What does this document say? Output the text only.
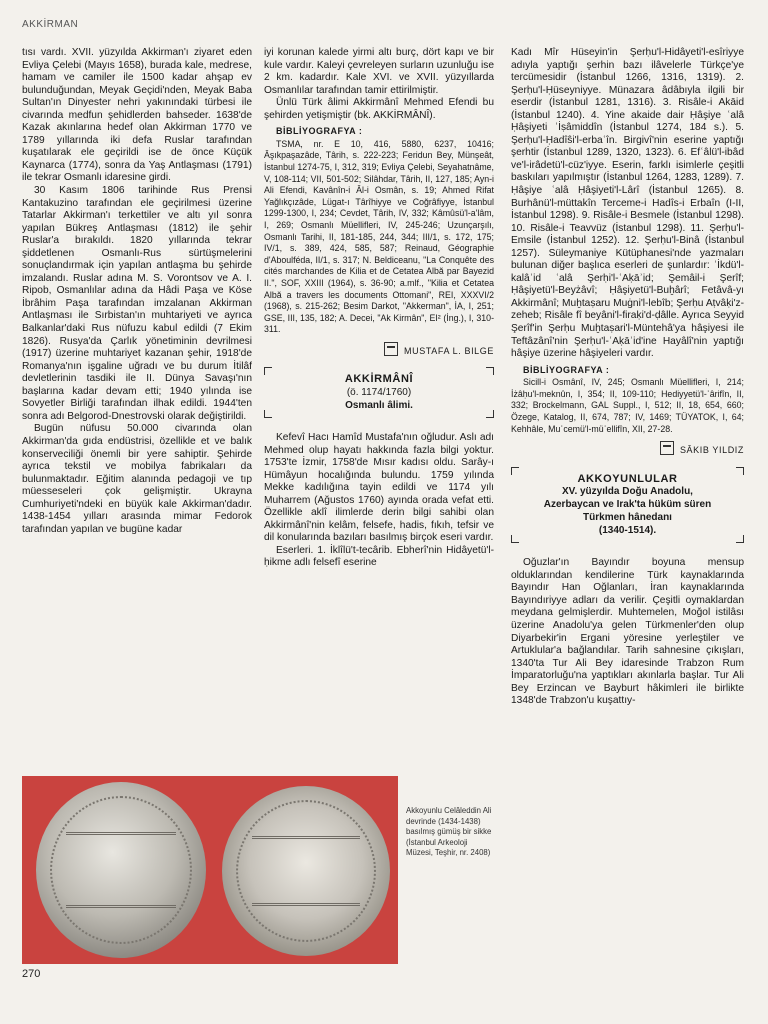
AKKİRMAN

tısı vardı. XVII. yüzyılda Akkirman'ı ziyaret eden Evliya Çelebi (Mayıs 1658), burada kale, medrese, hamam ve camiler ile 1500 kadar ahşap ev bulunduğundan, Meyak Geçidi'nden, Meyak Baba Sultan'ın Dinyester nehri yakınındaki türbesi ile civarında medfun şehidlerden bahseder. 1638'de Kazak akınlarına hedef olan Akkirman 1770 ve 1789 yıllarında iki defa Ruslar tarafından kuşatılarak ele geçirildi ise de önce Küçük Kaynarca (1774), sonra da Yaş Antlaşması (1791) ile tekrar Osmanlı idaresine girdi.

30 Kasım 1806 tarihinde Rus Prensi Kantakuzino tarafından ele geçirilmesi üzerine Tatarlar Akkirman'ı terkettiler ve altı yıl sonra yapılan Bükreş Antlaşması (1812) ile şehir Ruslar'a bırakıldı. 1820 yıllarında tekrar şiddetlenen Osmanlı-Rus sürtüşmelerini sonuçlandırmak için yapılan antlaşma bu şehirde imzalandı. Ruslar adına M. S. Vorontsov ve A. I. Ripob, Osmanlılar adına da Hâdi Paşa ve Köse İbrâhim Paşa tarafından imzalanan Akkirman Antlaşması ile Sırbistan'ın muhtariyeti ve ayrıca Balkanlar'daki Rus nüfuzu kabul edildi (7 Ekim 1826). Rusya'da Çarlık yönetiminin devrilmesi (1917) üzerine muhtariyet kazanan şehir, 1918'de Romanya'nın işgaline uğradı ve bu durum İtilâf devletlerinin tasdiki ile II. Dünya Savaşı'nın başlarına kadar devam etti; 1940 yılında ise Sovyetler Birliği tarafından ilhak edildi. 1944'ten sonra adı Belgorod-Dnestrovski olarak değiştirildi.

Bugün nüfusu 50.000 civarında olan Akkirman'da gıda endüstrisi, özellikle et ve balık konserveciliği önemli bir yere sahiptir. Şehirde ayrıca tekstil ve mobilya fabrikaları da bulunmaktadır. Eğitim alanında pedagoji ve tıp müesseseleri çok gelişmiştir. Ukrayna Cumhuriyeti'ndeki en büyük kale Akkirman'dadır. 1438-1454 yılları arasında mimar Fedorok tarafından yapılan ve bugüne kadar

iyi korunan kalede yirmi altı burç, dört kapı ve bir kule vardır. Kaleyi çevreleyen surların uzunluğu ise 2 km. kadardır. Kale XVI. ve XVII. yüzyıllarda Osmanlılar tarafından tamir ettirilmiştir.

Ünlü Türk âlimi Akkirmânî Mehmed Efendi bu şehirden yetişmiştir (bk. AKKİRMÂNÎ).

BİBLİYOGRAFYA :
TSMA, nr. E 10, 416, 5880, 6237, 10416; Âşıkpaşazâde, Târih, s. 222-223; Feridun Bey, Münşeât, İstanbul 1274-75, I, 312, 319; Evliya Çelebi, Seyahatnâme, V, 108-114; VII, 501-502; Silâhdar, Târih, II, 127, 185; Ayn-i Ali Efendi, Kavânîn-i Âl-i Osmân, s. 19; Ahmed Rifat Yağlıkçızâde, Lügat-ı Târîhiyye ve Coğrâfiyye, İstanbul 1299-1300, I, 234; Cevdet, Târih, IV, 332; Kâmûsü'l-a'lâm, I, 269; Osmanlı Müellifleri, IV, 245-246; Uzunçarşılı, Osmanlı Tarihi, II, 181-185, 244, 344; III/1, s. 172, 175; IV/1, s. 389, 424, 585, 587; Reinaud, Géographie d'Aboulféda, II/1, s. 317; N. Beldiceanu, "La Conquête des cités marchandes de Kilia et de Cetatea Albă par Bayezid II.", SOF, XXIII (1964), s. 36-90; a.mlf., "Kilia et Cetatea Albă a travers les documents Ottomani", REI, XXXVI/2 (1968), s. 215-262; Besim Darkot, "Akkerman", İA, I, 251; GSE, III, 135, 182; A. Decei, "Ak Kirmân", EI² (İng.), I, 310-311.
MUSTAFA L. BILGE
AKKİRMÂNÎ
(ö. 1174/1760)
Osmanlı âlimi.

Kefevî Hacı Hamîd Mustafa'nın oğludur. Aslı adı Mehmed olup hayatı hakkında fazla bilgi yoktur. 1753'te İzmir, 1758'de Mısır kadısı oldu. Sarây-ı Hümâyun hocalığında bulundu. 1759 yılında Mekke kadılığına tayin edildi ve 1174 yılı Muharrem (Ağustos 1760) ayında orada vefat etti. Özellikle aklî ilimlerde derin bilgi sahibi olan Akkirmânî'nin kelâm, felsefe, hadis, fıkıh, tefsir ve dil konularında bazıları basılmış birçok eseri vardır.

Eserleri. 1. İklîlü't-tecârib. Ebherî'nin Hidâyetü'l-ḥikme adlı felsefî eserine

Kadı Mîr Hüseyin'in Şerḥu'l-Hidâyeti'l-esîriyye adıyla yaptığı şerhin bazı ilâvelerle Türkçe'ye tercümesidir (İstanbul 1266, 1316, 1319). 2. Şerḥu'l-Ḥüseyniyye. Münazara âdâbıyla ilgili bir eserdir (İstanbul 1281, 1316). 3. Risâle-i Akāid (İstanbul 1240). 4. Yine akaide dair Ḥâşiye ʿalâ Ḥâşiyeti ʿİṣâmiddîn (İstanbul 1274, 184 s.). 5. Şerḥu'l-Ḥadîŝi'l-erbaʿîn. Birgivî'nin eserine yaptığı şerhtir (İstanbul 1289, 1320, 1323). 6. Efʿâlü'l-ibâd ve'l-irâdetü'l-cüz'iyye. Eserin, farklı isimlerle çeşitli baskıları yapılmıştır (İstanbul 1264, 1283, 1289). 7. Ḥâşiye ʿalâ Ḥâşiyeti'l-Lârî (İstanbul 1265). 8. Burhânü'l-müttakîn Terceme-i Hadîs-i Erbaîn (I-II, İstanbul 1298). 9. Risâle-i Besmele (İstanbul 1298). 10. Risâle-i Teavvüz (İstanbul 1298). 11. Şerḥu'l-Emsile (İstanbul 1252). 12. Şerḥu'l-Binâ (İstanbul 1257). Süleymaniye Kütüphanesi'nde yazmaları bulunan diğer başlıca eserleri de şunlardır: ʿİkdü'l-kalâʾid ʿalâ Şerḥi'l-ʿAḳāʾid; Şemâil-i Şerîf; Ḥâşiyetü'l-Beyżâvî; Ḥâşiyetü'l-Buḫârî; Fetâvâ-yı Akkirmânî; Muḫtaṣaru Muġni'l-lebîb; Şerḥu Aṭvâḳi'z-zeheb; Risâle fî beyâni'l-firaḳi'd-ḍâlle. Ayrıca Seyyid Şerîf'in Şerḥu Muḫtaṣari'l-Müntehâ'ya hâşiyesi ile Teftâzânî'nin Şerḥu'l-ʿAḳāʾid'ine Hayâlî'nin yaptığı hâşiye üzerine hâşiyeleri vardır.

BİBLİYOGRAFYA :
Sicill-i Osmânî, IV, 245; Osmanlı Müellifleri, I, 214; İżâḥu'l-meknûn, I, 354; II, 109-110; Hediyyetü'l-ʿârifîn, II, 332; Brockelmann, GAL Suppl., I, 512; II, 18, 654, 660; Özege, Katalog, II, 674, 787; IV, 1469; TÜYATOK, I, 64; Kehhâle, Muʿcemü'l-müʾellifîn, XII, 27-28.
SÂKIB YILDIZ
AKKOYUNLULAR
XV. yüzyılda Doğu Anadolu,
Azerbaycan ve Irak'ta hüküm süren
Türkmen hânedanı
(1340-1514).

Oğuzlar'ın Bayındır boyuna mensup olduklarından kendilerine Türk kaynaklarında Bayındır Han Oğlanları, İran kaynaklarında Bayındıriyye adları da verilir. Çeşitli oymaklardan meydana gelmişlerdir. Muhtemelen, Moğol istilâsı üzerine Anadolu'ya gelen Türkmenler'den olup Diyarbekir'in Ergani yöresine yerleştiler ve Artuklular'a bağlandılar. Tarih sahnesine çıkışları, 1340'ta Tur Ali Bey idaresinde Trabzon Rum İmparatorluğu'na yaptıkları akınlarla başlar. Tur Ali Bey Erzincan ve Bayburt hâkimleri ile birlikte 1348'de Trabzon'u kuşattıy-

Akkoyunlu Celâleddin Ali devrinde (1434-1438) basılmış gümüş bir sikke (İstanbul Arkeoloji Müzesi, Teşhir, nr. 2408)
270
